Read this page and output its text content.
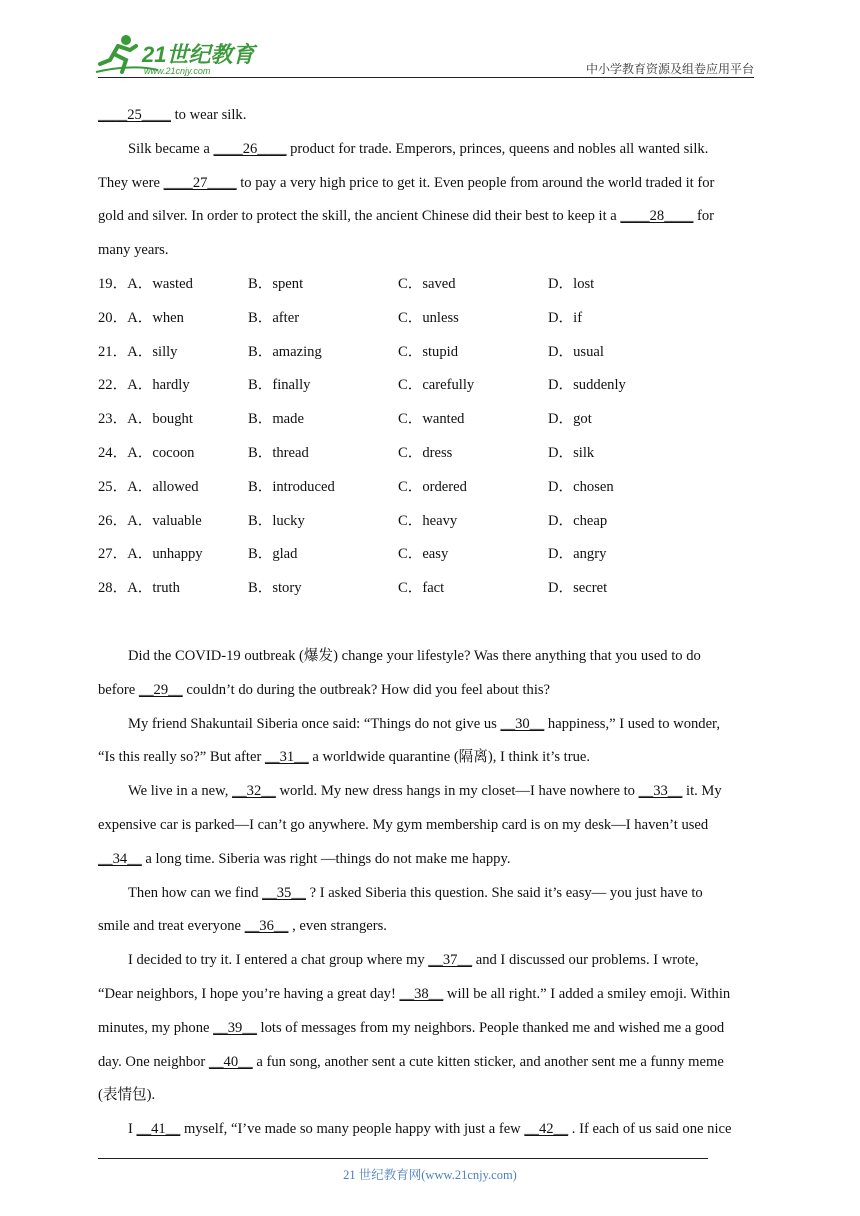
21世纪教育
www.21cnjy.com	中小学教育资源及组卷应用平台
____25____ to wear silk.
Silk became a ____26____ product for trade. Emperors, princes, queens and nobles all wanted silk.
They were ____27____ to pay a very high price to get it. Even people from around the world traded it for
gold and silver. In order to protect the skill, the ancient Chinese did their best to keep it a ____28____ for
many years.
19．A．wasted	B．spent	C．saved	D．lost
20．A．when	B．after	C．unless	D．if
21．A．silly	B．amazing	C．stupid	D．usual
22．A．hardly	B．finally	C．carefully	D．suddenly
23．A．bought	B．made	C．wanted	D．got
24．A．cocoon	B．thread	C．dress	D．silk
25．A．allowed	B．introduced	C．ordered	D．chosen
26．A．valuable	B．lucky	C．heavy	D．cheap
27．A．unhappy	B．glad	C．easy	D．angry
28．A．truth	B．story	C．fact	D．secret
Did the COVID-19 outbreak (爆发) change your lifestyle? Was there anything that you used to do
before __29__ couldn’t do during the outbreak? How did you feel about this?
My friend Shakuntail Siberia once said: “Things do not give us __30__ happiness,” I used to wonder,
“Is this really so?” But after __31__ a worldwide quarantine (隔离), I think it’s true.
We live in a new, __32__ world. My new dress hangs in my closet—I have nowhere to __33__ it. My
expensive car is parked—I can’t go anywhere. My gym membership card is on my desk—I haven’t used
__34__ a long time. Siberia was right —things do not make me happy.
Then how can we find __35__ ? I asked Siberia this question. She said it’s easy— you just have to
smile and treat everyone __36__ , even strangers.
I decided to try it. I entered a chat group where my __37__ and I discussed our problems. I wrote,
“Dear neighbors, I hope you’re having a great day! __38__ will be all right.” I added a smiley emoji. Within
minutes, my phone __39__ lots of messages from my neighbors. People thanked me and wished me a good
day. One neighbor __40__ a fun song, another sent a cute kitten sticker, and another sent me a funny meme
(表情包).
I __41__ myself, “I’ve made so many people happy with just a few __42__ . If each of us said one nice
21 世纪教育网(www.21cnjy.com)
